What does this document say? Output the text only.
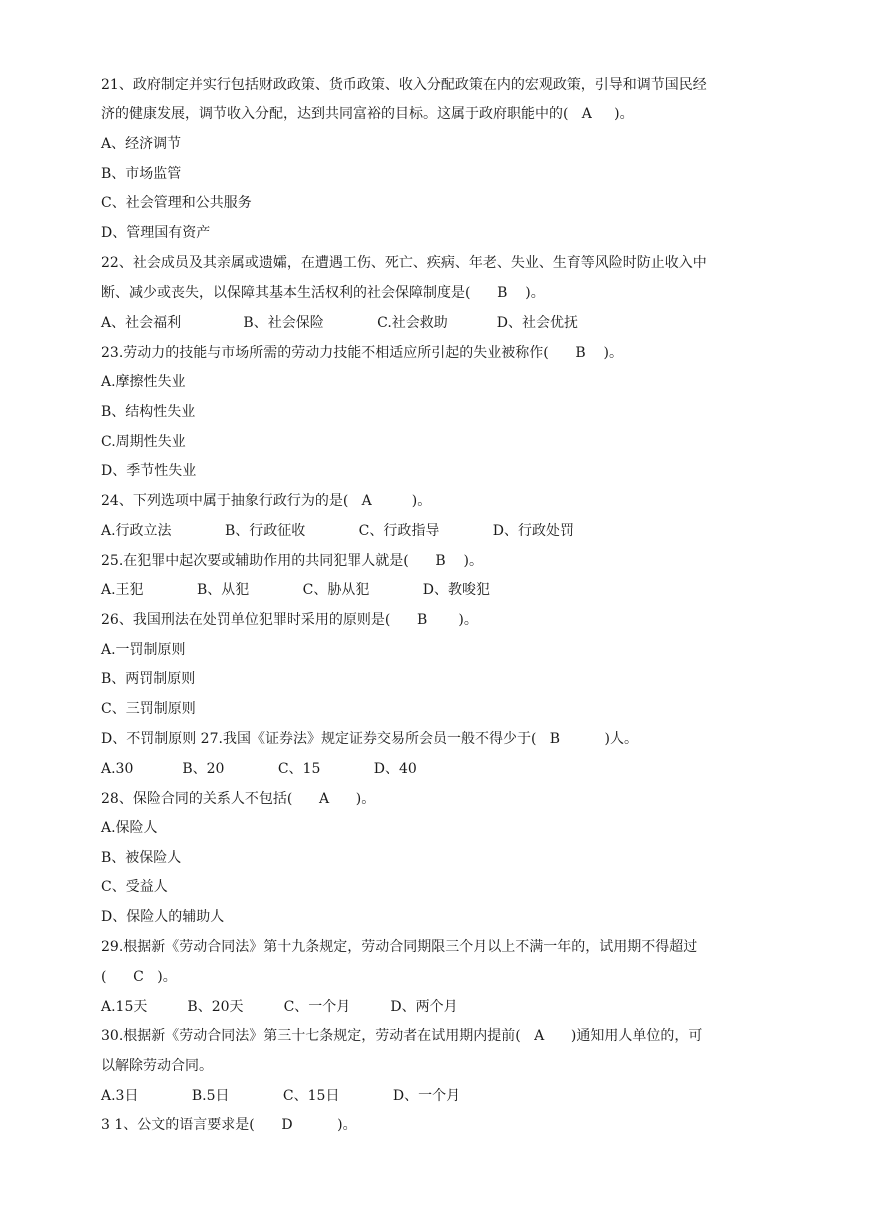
21、政府制定并实行包括财政政策、货币政策、收入分配政策在内的宏观政策，引导和调节国民经
济的健康发展，调节收入分配，达到共同富裕的目标。这属于政府职能中的(   A     )。
A、经济调节
B、市场监管
C、社会管理和公共服务
D、管理国有资产
22、社会成员及其亲属或遗孀，在遭遇工伤、死亡、疾病、年老、失业、生育等风险时防止收入中
断、减少或丧失，以保障其基本生活权利的社会保障制度是(      B    )。
A、社会福利              B、社会保险            C.社会救助           D、社会优抚
23.劳动力的技能与市场所需的劳动力技能不相适应所引起的失业被称作(      B    )。
A.摩擦性失业
B、结构性失业
C.周期性失业
D、季节性失业
24、下列选项中属于抽象行政行为的是(   A         )。
A.行政立法            B、行政征收            C、行政指导            D、行政处罚
25.在犯罪中起次要或辅助作用的共同犯罪人就是(      B    )。
A.王犯            B、从犯            C、胁从犯            D、教唆犯
26、我国刑法在处罚单位犯罪时采用的原则是(      B       )。
A.一罚制原则
B、两罚制原则
C、三罚制原则
D、不罚制原则 27.我国《证券法》规定证券交易所会员一般不得少于(   B          )人。
A.30           B、20            C、15            D、40
28、保险合同的关系人不包括(      A      )。
A.保险人
B、被保险人
C、受益人
D、保险人的辅助人
29.根据新《劳动合同法》第十九条规定，劳动合同期限三个月以上不满一年的，试用期不得超过
(      C   )。
A.15天         B、20天         C、一个月         D、两个月
30.根据新《劳动合同法》第三十七条规定，劳动者在试用期内提前(   A      )通知用人单位的，可
以解除劳动合同。
A.3日            B.5日            C、15日            D、一个月
3 1、公文的语言要求是(      D          )。
